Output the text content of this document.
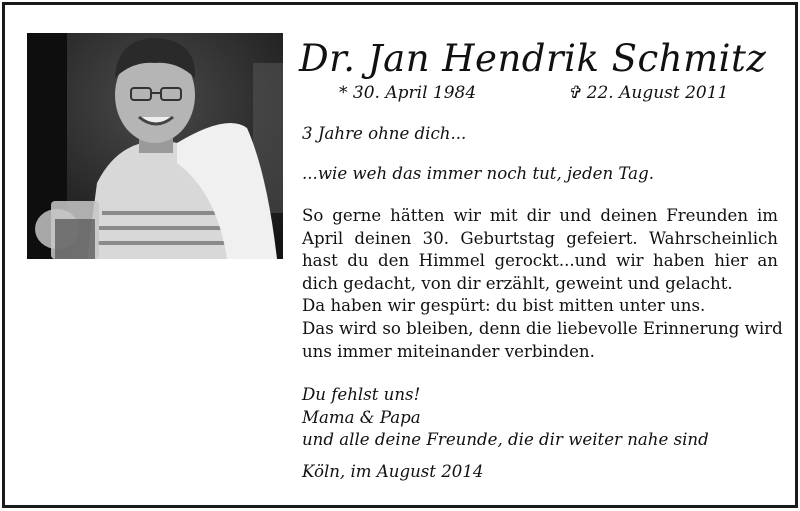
Dr. Jan Hendrik Schmitz
* 30. April 1984	✞ 22. August 2011

3 Jahre ohne dich...

...wie weh das immer noch tut, jeden Tag.

So gerne hätten wir mit dir und deinen Freunden im April deinen 30. Geburtstag gefeiert. Wahrscheinlich hast du den Himmel gerockt...und wir haben hier an dich gedacht, von dir erzählt, geweint und gelacht.
Da haben wir gespürt: du bist mitten unter uns.
Das wird so bleiben, denn die liebevolle Erinnerung wird
uns immer miteinander verbinden.
Du fehlst uns!
Mama & Papa
und alle deine Freunde, die dir weiter nahe sind

Köln, im August 2014
